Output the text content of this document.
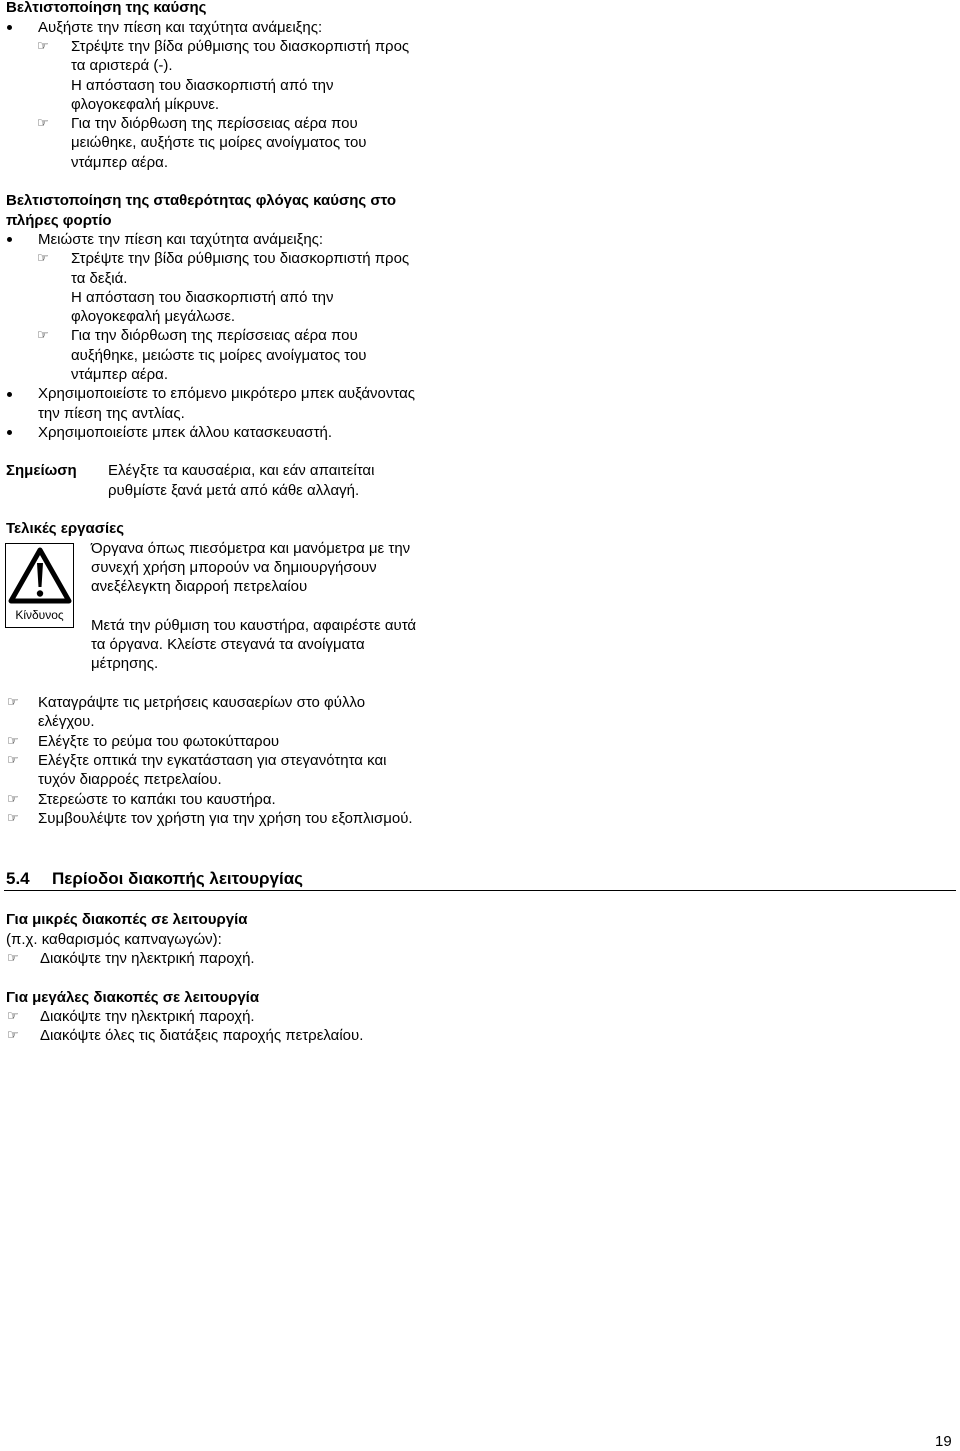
Βελτιστοποίηση της καύσης
Αυξήστε την πίεση και ταχύτητα ανάμειξης:
☞
Στρέψτε την βίδα ρύθμισης του διασκορπιστή προς
τα αριστερά (-).
Η απόσταση του διασκορπιστή από την
φλογοκεφαλή μίκρυνε.
☞
Για την διόρθωση της περίσσειας αέρα που
μειώθηκε, αυξήστε τις μοίρες ανοίγματος του
ντάμπερ αέρα.
Βελτιστοποίηση της σταθερότητας φλόγας καύσης στο
πλήρες φορτίο
Μειώστε την πίεση και ταχύτητα ανάμειξης:
☞
Στρέψτε την βίδα ρύθμισης του διασκορπιστή προς
τα δεξιά.
Η απόσταση του διασκορπιστή από την
φλογοκεφαλή μεγάλωσε.
☞
Για την διόρθωση της περίσσειας αέρα που
αυξήθηκε, μειώστε τις μοίρες ανοίγματος του
ντάμπερ αέρα.
Χρησιμοποιείστε το επόμενο μικρότερο μπεκ αυξάνοντας
την πίεση της αντλίας.
Χρησιμοποιείστε μπεκ άλλου κατασκευαστή.
Σημείωση Ελέγξτε τα καυσαέρια, και εάν απαιτείται
ρυθμίστε ξανά μετά από κάθε αλλαγή.
Τελικές εργασίες
Όργανα όπως πιεσόμετρα και μανόμετρα με την
συνεχή χρήση μπορούν να δημιουργήσουν
ανεξέλεγκτη διαρροή πετρελαίου
Μετά την ρύθμιση του καυστήρα, αφαιρέστε αυτά
τα όργανα. Κλείστε στεγανά τα ανοίγματα
μέτρησης.
☞
Καταγράψτε τις μετρήσεις καυσαερίων στο φύλλο
ελέγχου.
☞
Ελέγξτε το ρεύμα του φωτοκύτταρου
☞
Ελέγξτε οπτικά την εγκατάσταση για στεγανότητα και
τυχόν διαρροές πετρελαίου.
☞
Στερεώστε το καπάκι του καυστήρα.
☞
Συμβουλέψτε τον χρήστη για την χρήση του εξοπλισμού.
5.4 Περίοδοι διακοπής λειτουργίας
Για μικρές διακοπές σε λειτουργία
(π.χ. καθαρισμός καπναγωγών):
☞
Διακόψτε την ηλεκτρική παροχή.
Για μεγάλες διακοπές σε λειτουργία
☞
Διακόψτε την ηλεκτρική παροχή.
☞
Διακόψτε όλες τις διατάξεις παροχής πετρελαίου.
Κίνδυνος
19
